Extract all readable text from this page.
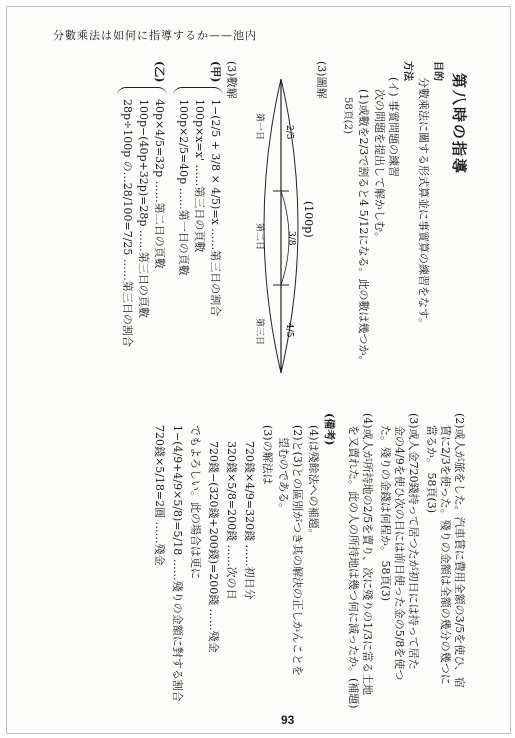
分數乘法は如何に指導するか——池内
第八時の指導
目的
分數乘法に關する形式算並に事實算の練習をなす。
方法
(イ) 事實問題の練習
次の問題を提出して解かしむ。
(1)或數を2/3で割ると4 5/12になる。此の數は幾つか。
58頁(2)
(3)圖解
(100p)
第一日
第二日
第三日
2/5
3/8
4/5
(3)數解
(甲)
1−(2/5 + 3/8 × 4/5)=x ……第三日の割合
100p×x=x' ……第三日の頁數
100p×2/5=40p ……第一日の頁數
(乙)
40p×4/5=32p ……第二日の頁數
100p−(40p+32p)=28p ……第三日の頁數
28p÷100p の…28/100=7/25 ……第三日の割合
(2)或人が旅をした。汽車賃に費用全額の3/5を使ひ、宿
賃に2/3を使った。殘りの金額は全額の幾分の幾つに
當るか。 58頁(3)
(3)或人金720錢持って居つたが初日には持って居た
金の4/9を使ひ次の日には前日使った金の5/8を使つ
た。殘りの金錢は何程か。 58頁(3)
(4)或人が所持地の2/5を賣り、次に殘りの1/3に當る土地
を又賣れた。此の人の所持地は幾つ何に減ったか。(補題)
(備考)
(4)は殘餘法への補題。
(2)と(3)との區別がつき其の解決の正しかんことを
望むのである。
(3)の解法は
720錢×4/9=320錢 ……初日分
320錢×5/8=200錢 ……次の日
720錢−(320錢+200錢)=200錢 ……殘金
でもよろしい。此の場合は更に
1−(4/9+4/9×5/8)=5/18 ……殘りの金額に對する割合
720錢×5/18=2圓 ……殘金
93
